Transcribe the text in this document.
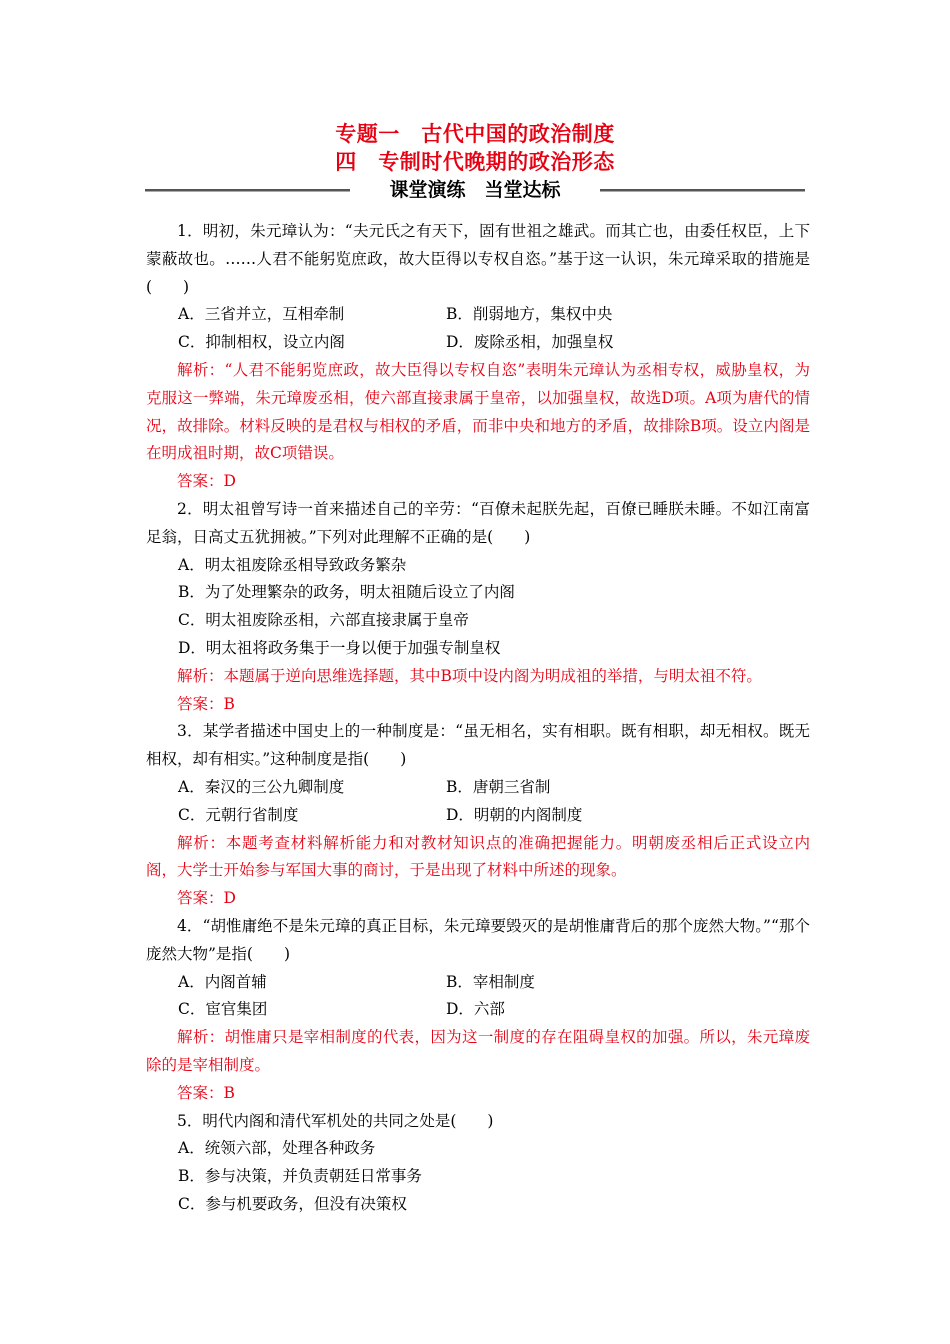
专题一　古代中国的政治制度
四　专制时代晚期的政治形态
课堂演练　当堂达标

1．明初，朱元璋认为：“夫元氏之有天下，固有世祖之雄武。而其亡也，由委任权臣，上下蒙蔽故也。……人君不能躬览庶政，故大臣得以专权自恣。”基于这一认识，朱元璋采取的措施是(　　)

A．三省并立，互相牵制	B．削弱地方，集权中央
C．抑制相权，设立内阁	D．废除丞相，加强皇权

解析：“人君不能躬览庶政，故大臣得以专权自恣”表明朱元璋认为丞相专权，威胁皇权，为克服这一弊端，朱元璋废丞相，使六部直接隶属于皇帝，以加强皇权，故选D项。A项为唐代的情况，故排除。材料反映的是君权与相权的矛盾，而非中央和地方的矛盾，故排除B项。设立内阁是在明成祖时期，故C项错误。

答案：D

2．明太祖曾写诗一首来描述自己的辛劳：“百僚未起朕先起，百僚已睡朕未睡。不如江南富足翁，日高丈五犹拥被。”下列对此理解不正确的是(　　)

A．明太祖废除丞相导致政务繁杂
B．为了处理繁杂的政务，明太祖随后设立了内阁
C．明太祖废除丞相，六部直接隶属于皇帝
D．明太祖将政务集于一身以便于加强专制皇权

解析：本题属于逆向思维选择题，其中B项中设内阁为明成祖的举措，与明太祖不符。

答案：B

3．某学者描述中国史上的一种制度是：“虽无相名，实有相职。既有相职，却无相权。既无相权，却有相实。”这种制度是指(　　)

A．秦汉的三公九卿制度	B．唐朝三省制
C．元朝行省制度	D．明朝的内阁制度

解析：本题考查材料解析能力和对教材知识点的准确把握能力。明朝废丞相后正式设立内阁，大学士开始参与军国大事的商讨，于是出现了材料中所述的现象。

答案：D

4．“胡惟庸绝不是朱元璋的真正目标，朱元璋要毁灭的是胡惟庸背后的那个庞然大物。”“那个庞然大物”是指(　　)

A．内阁首辅	B．宰相制度
C．宦官集团	D．六部

解析：胡惟庸只是宰相制度的代表，因为这一制度的存在阻碍皇权的加强。所以，朱元璋废除的是宰相制度。

答案：B

5．明代内阁和清代军机处的共同之处是(　　)

A．统领六部，处理各种政务
B．参与决策，并负责朝廷日常事务
C．参与机要政务，但没有决策权
